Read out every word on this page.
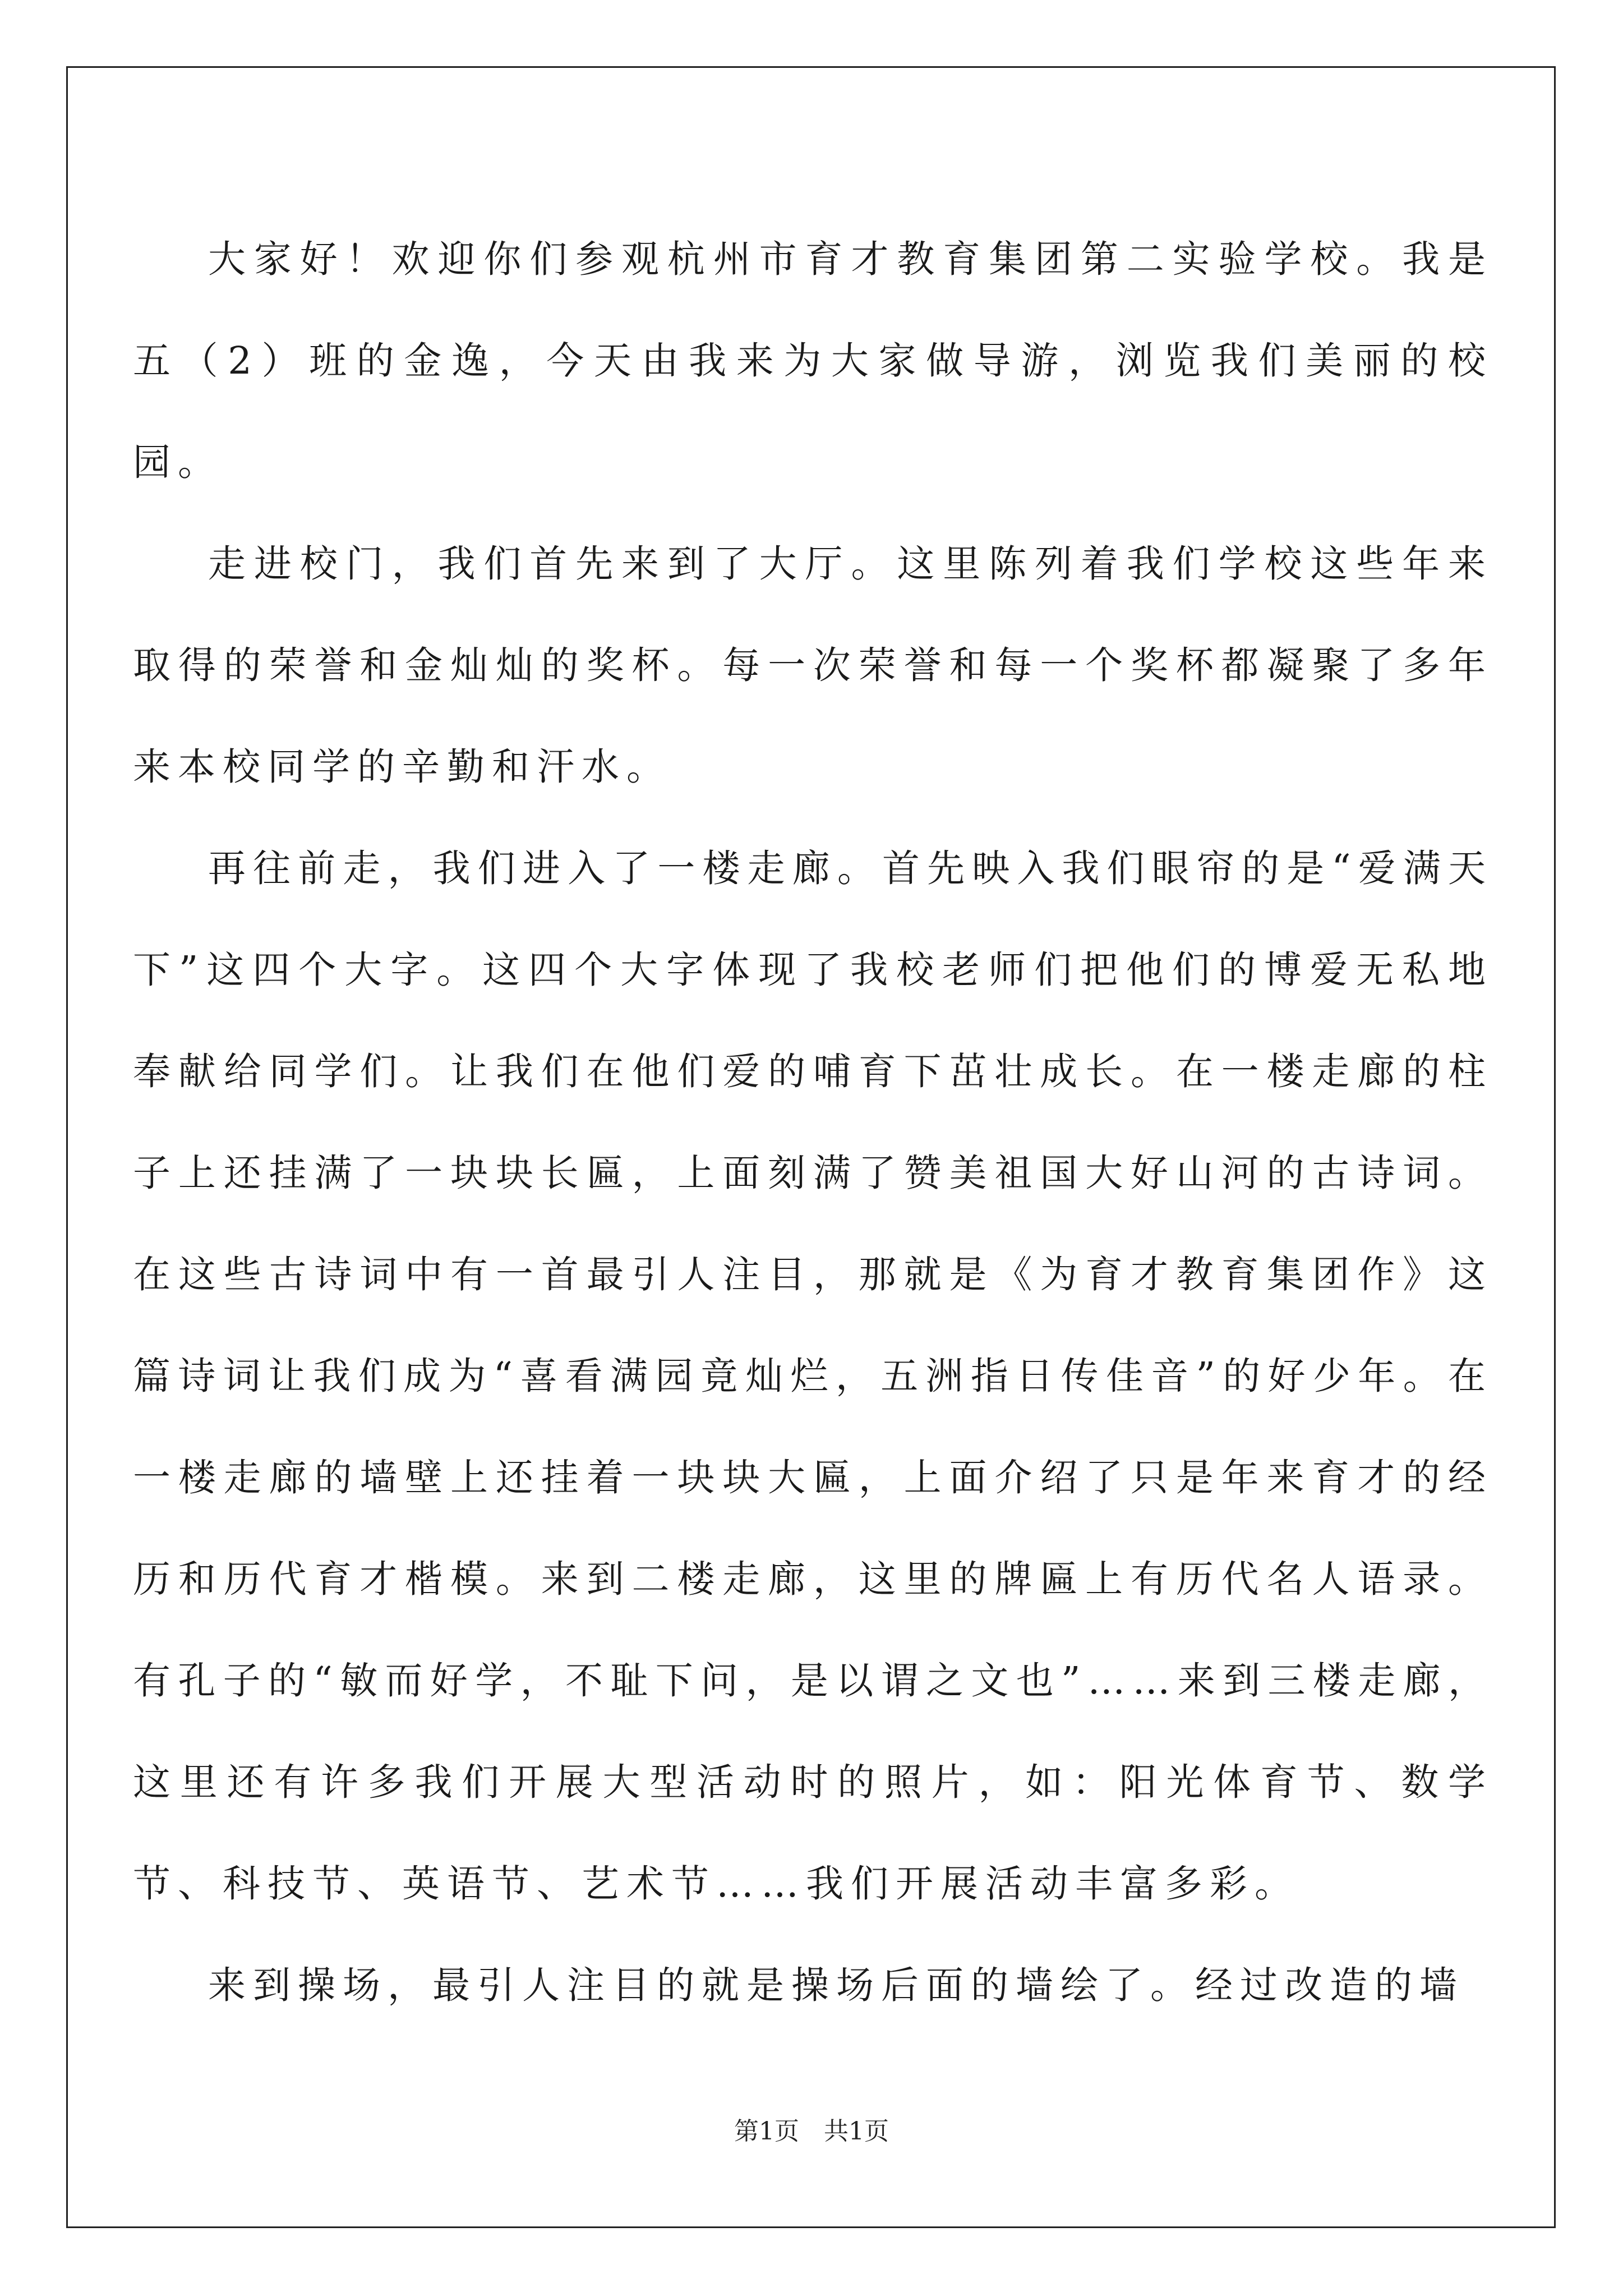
大家好！欢迎你们参观杭州市育才教育集团第二实验学校。我是五（2）班的金逸，今天由我来为大家做导游，浏览我们美丽的校园。

走进校门，我们首先来到了大厅。这里陈列着我们学校这些年来取得的荣誉和金灿灿的奖杯。每一次荣誉和每一个奖杯都凝聚了多年来本校同学的辛勤和汗水。

再往前走，我们进入了一楼走廊。首先映入我们眼帘的是“爱满天下”这四个大字。这四个大字体现了我校老师们把他们的博爱无私地奉献给同学们。让我们在他们爱的哺育下茁壮成长。在一楼走廊的柱子上还挂满了一块块长匾，上面刻满了赞美祖国大好山河的古诗词。在这些古诗词中有一首最引人注目，那就是《为育才教育集团作》这篇诗词让我们成为“喜看满园竟灿烂，五洲指日传佳音”的好少年。在一楼走廊的墙壁上还挂着一块块大匾，上面介绍了只是年来育才的经历和历代育才楷模。来到二楼走廊，这里的牌匾上有历代名人语录。有孔子的“敏而好学，不耻下问，是以谓之文也”……来到三楼走廊，这里还有许多我们开展大型活动时的照片，如：阳光体育节、数学节、科技节、英语节、艺术节……我们开展活动丰富多彩。

来到操场，最引人注目的就是操场后面的墙绘了。经过改造的墙

第1页　共1页
